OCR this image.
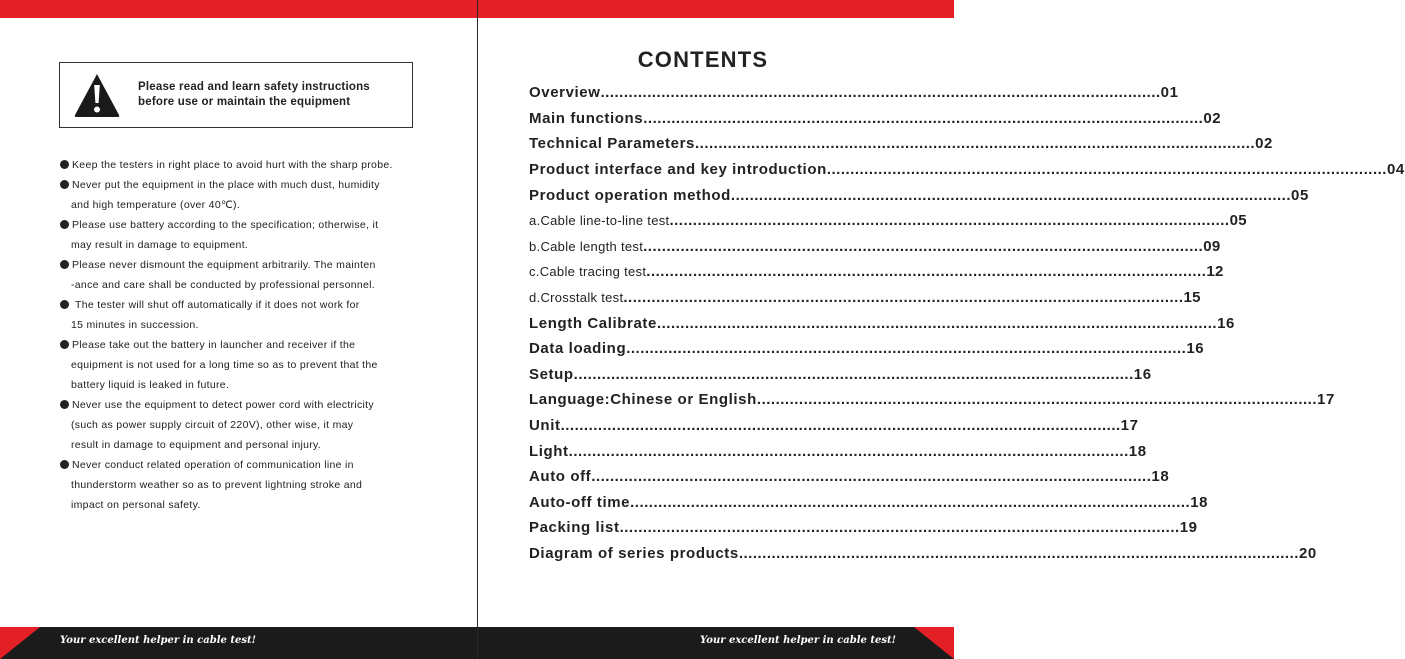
Please read and learn safety instructions
before use or maintain the equipment
Keep the testers in right place to avoid hurt with the sharp probe.
Never put the equipment in the place with much dust, humidity
and high temperature (over 40℃).
Please use battery according to the specification; otherwise, it
may result in damage to equipment.
Please never dismount the equipment arbitrarily. The mainten
-ance and care shall be conducted by professional personnel.
The tester will shut off automatically if it does not work for
15 minutes in succession.
Please take out the battery in launcher and receiver if the
equipment is not used for a long time so as to prevent that the
battery liquid is leaked in future.
Never use the equipment to detect power cord with electricity
(such as power supply circuit of 220V), other wise, it may
result in damage to equipment and personal injury.
Never conduct related operation of communication line in
thunderstorm weather so as to prevent lightning stroke and
impact on personal safety.
CONTENTS
Overview ........................................................................................................................ 01
Main functions ........................................................................................................................ 02
Technical Parameters ........................................................................................................................ 02
Product interface and key introduction ........................................................................................................................ 04
Product operation method ........................................................................................................................ 05
a.Cable line-to-line test ........................................................................................................................ 05
b.Cable length test ........................................................................................................................ 09
c.Cable tracing test ........................................................................................................................ 12
d.Crosstalk test ........................................................................................................................ 15
Length Calibrate ........................................................................................................................ 16
Data loading ........................................................................................................................ 16
Setup ........................................................................................................................ 16
Language:Chinese or English ........................................................................................................................ 17
Unit ........................................................................................................................ 17
Light ........................................................................................................................ 18
Auto off ........................................................................................................................ 18
Auto-off time ........................................................................................................................ 18
Packing list ........................................................................................................................ 19
Diagram of series products ........................................................................................................................ 20
Your excellent helper in cable test!	Your excellent helper in cable test!
